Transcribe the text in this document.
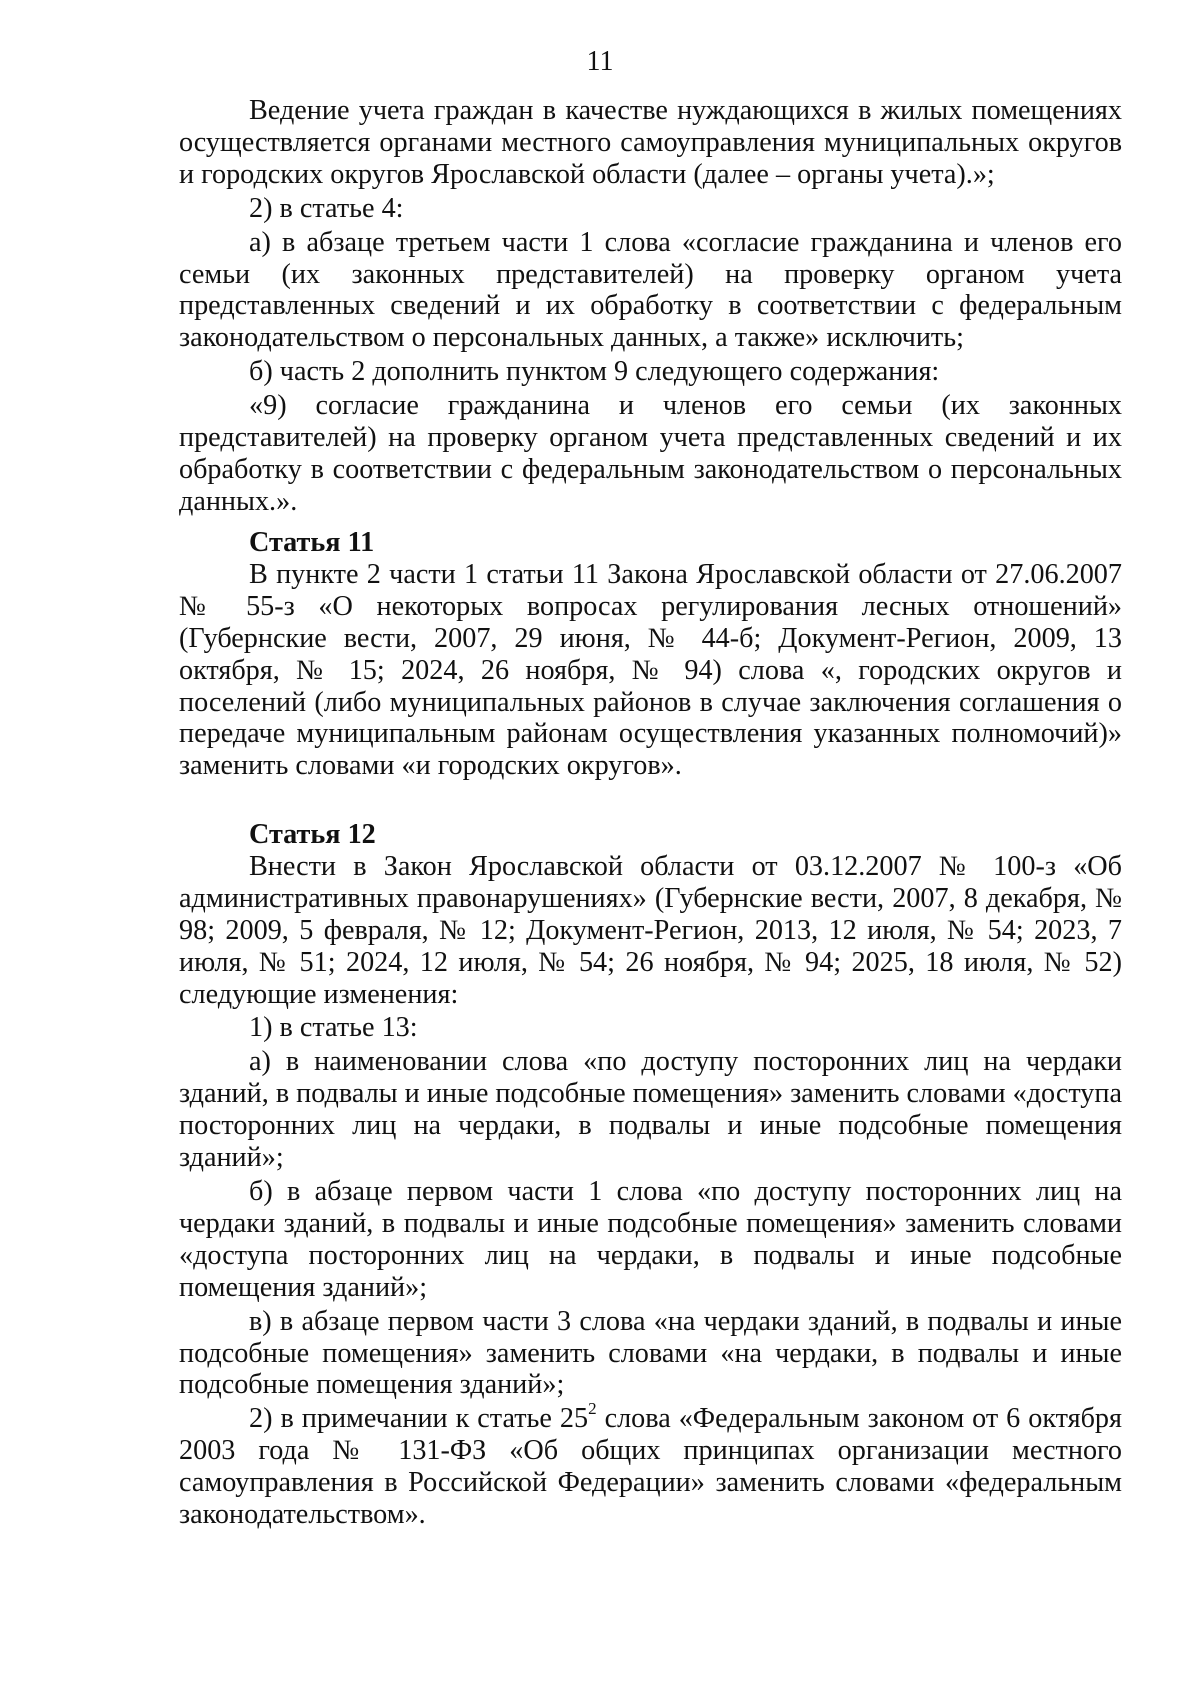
11

Ведение учета граждан в качестве нуждающихся в жилых помещениях осуществляется органами местного самоуправления муниципальных округов и городских округов Ярославской области (далее – органы учета).»;

2) в статье 4:

а) в абзаце третьем части 1 слова «согласие гражданина и членов его семьи (их законных представителей) на проверку органом учета представленных сведений и их обработку в соответствии с федеральным законодательством о персональных данных, а также» исключить;

б) часть 2 дополнить пунктом 9 следующего содержания:

«9) согласие гражданина и членов его семьи (их законных представителей) на проверку органом учета представленных сведений и их обработку в соответствии с федеральным законодательством о персональных данных.».

Статья 11

В пункте 2 части 1 статьи 11 Закона Ярославской области от 27.06.2007 № 55-з «О некоторых вопросах регулирования лесных отношений» (Губернские вести, 2007, 29 июня, № 44-б; Документ-Регион, 2009, 13 октября, № 15; 2024, 26 ноября, № 94) слова «, городских округов и поселений (либо муниципальных районов в случае заключения соглашения о передаче муниципальным районам осуществления указанных полномочий)» заменить словами «и городских округов».

Статья 12

Внести в Закон Ярославской области от 03.12.2007 № 100-з «Об административных правонарушениях» (Губернские вести, 2007, 8 декабря, № 98; 2009, 5 февраля, № 12; Документ-Регион, 2013, 12 июля, № 54; 2023, 7 июля, № 51; 2024, 12 июля, № 54; 26 ноября, № 94; 2025, 18 июля, № 52) следующие изменения:

1) в статье 13:

а) в наименовании слова «по доступу посторонних лиц на чердаки зданий, в подвалы и иные подсобные помещения» заменить словами «доступа посторонних лиц на чердаки, в подвалы и иные подсобные помещения зданий»;

б) в абзаце первом части 1 слова «по доступу посторонних лиц на чердаки зданий, в подвалы и иные подсобные помещения» заменить словами «доступа посторонних лиц на чердаки, в подвалы и иные подсобные помещения зданий»;

в) в абзаце первом части 3 слова «на чердаки зданий, в подвалы и иные подсобные помещения» заменить словами «на чердаки, в подвалы и иные подсобные помещения зданий»;

2) в примечании к статье $25^2$ слова «Федеральным законом от 6 октября 2003 года № 131-ФЗ «Об общих принципах организации местного самоуправления в Российской Федерации» заменить словами «федеральным законодательством».
